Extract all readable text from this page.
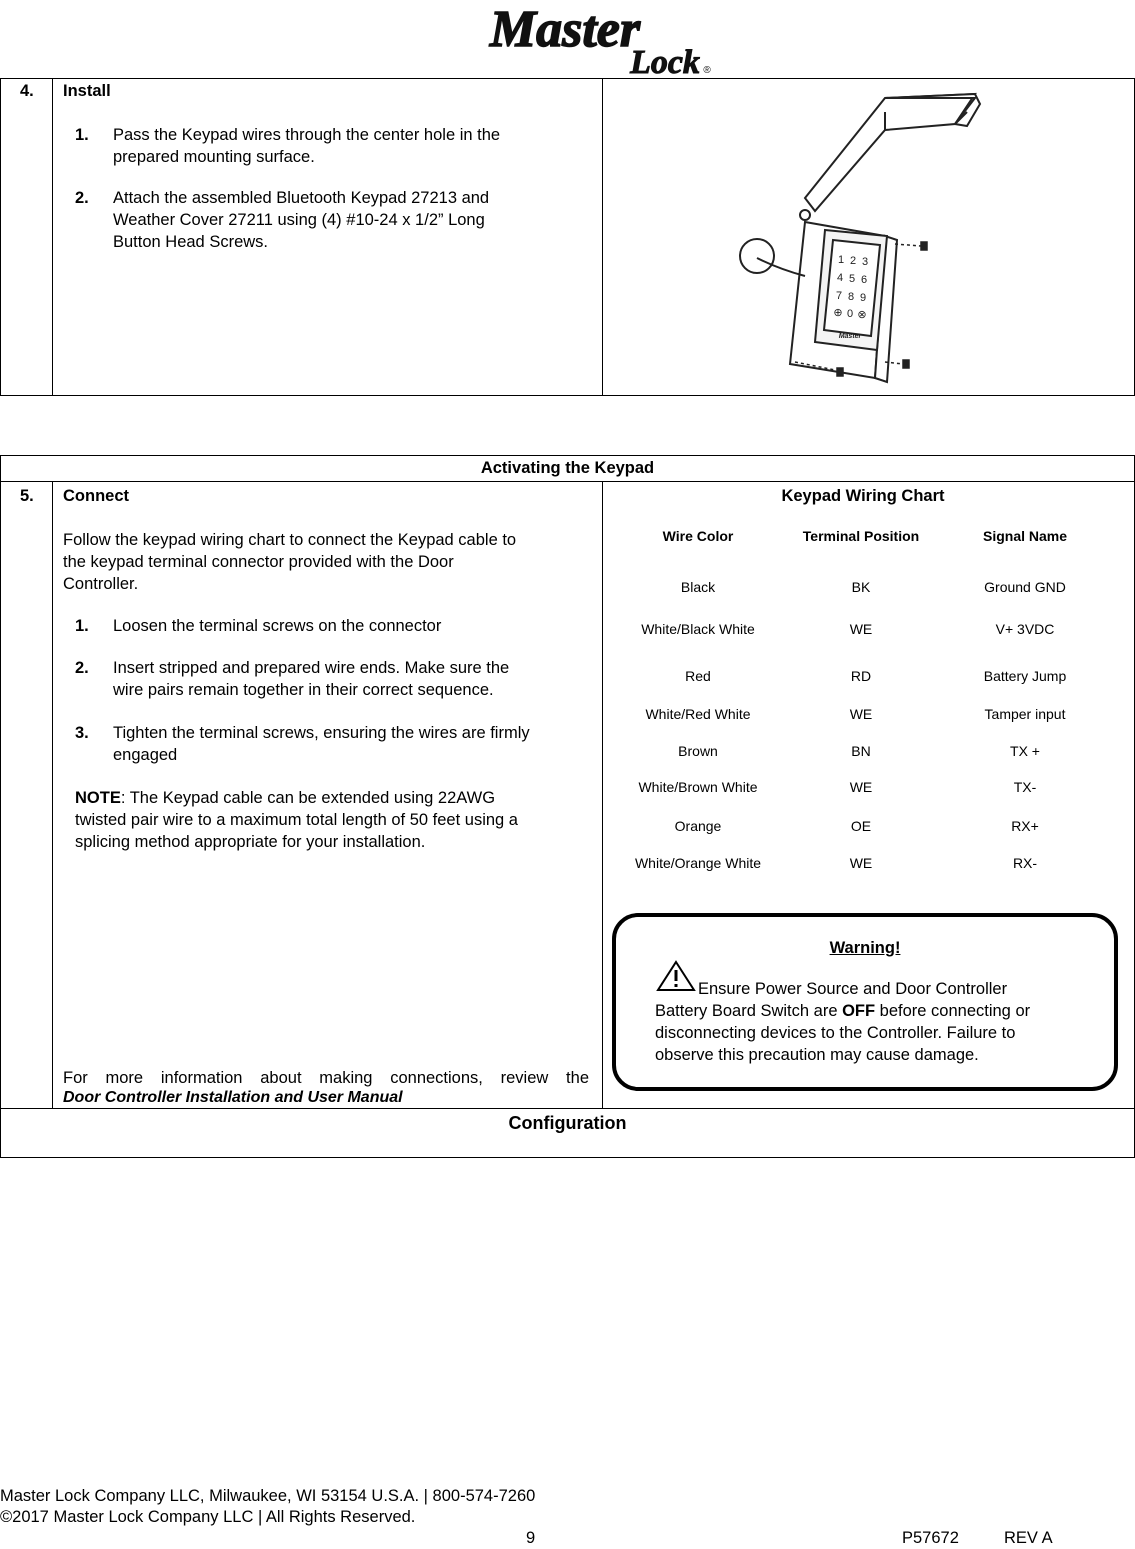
Master
Lock ®
4. Install
1. Pass the Keypad wires through the center hole in the
prepared mounting surface.
2. Attach the assembled Bluetooth Keypad 27213 and
Weather Cover 27211 using (4) #10-24 x 1/2” Long
Button Head Screws.
1 2 3
4 5 6
7 8 9
⊕ 0 ⊗
Master
Activating the Keypad
5. Connect
Follow the keypad wiring chart to connect the Keypad cable to
the keypad terminal connector provided with the Door
Controller.
1. Loosen the terminal screws on the connector
2. Insert stripped and prepared wire ends. Make sure the
wire pairs remain together in their correct sequence.
3. Tighten the terminal screws, ensuring the wires are firmly
engaged
NOTE: The Keypad cable can be extended using 22AWG
twisted pair wire to a maximum total length of 50 feet using a
splicing method appropriate for your installation.
For more information about making connections, review the
Door Controller Installation and User Manual
Keypad Wiring Chart
Wire Color	Terminal Position	Signal Name
Black	BK	Ground GND
White/Black White	WE	V+ 3VDC
Red	RD	Battery Jump
White/Red White	WE	Tamper input
Brown	BN	TX +
White/Brown White	WE	TX-
Orange	OE	RX+
White/Orange White	WE	RX-
Warning!
Ensure Power Source and Door Controller
Battery Board Switch are OFF before connecting or
disconnecting devices to the Controller. Failure to
observe this precaution may cause damage.
Configuration
Master Lock Company LLC, Milwaukee, WI 53154 U.S.A. | 800-574-7260
©2017 Master Lock Company LLC | All Rights Reserved.
9	P57672	REV A
